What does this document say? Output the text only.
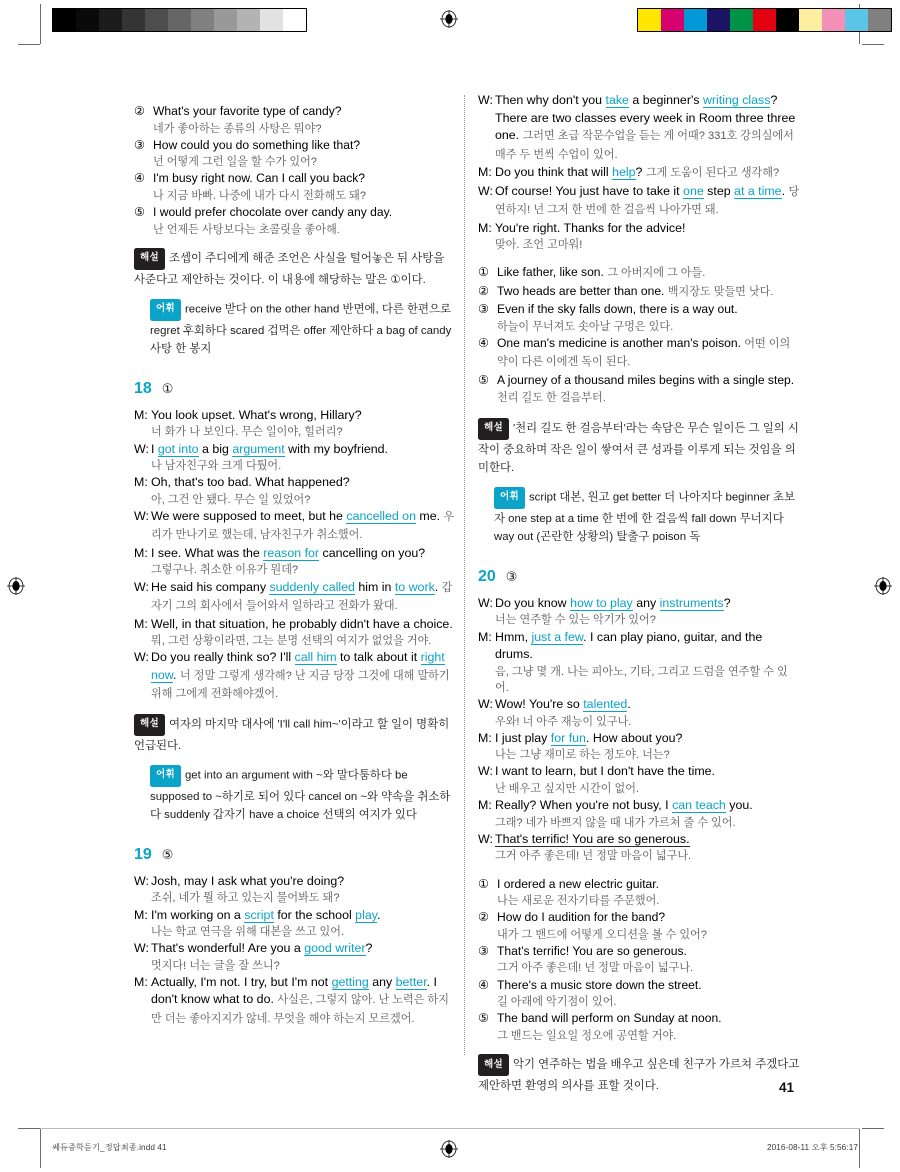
② What's your favorite type of candy?
네가 좋아하는 종류의 사탕은 뭐야?
③ How could you do something like that?
넌 어떻게 그런 일을 할 수가 있어?
④ I'm busy right now. Can I call you back?
나 지금 바빠. 나중에 내가 다시 전화해도 돼?
⑤ I would prefer chocolate over candy any day.
난 언제든 사탕보다는 초콜릿을 좋아해.
해설 조셉이 주디에게 해준 조언은 사실을 털어놓은 뒤 사탕을 사준다고 제안하는 것이다. 이 내용에 해당하는 말은 ①이다.
어휘 receive 받다 on the other hand 반면에, 다른 한편으로 regret 후회하다 scared 겁먹은 offer 제안하다 a bag of candy 사탕 한 봉지
18 ①
M: You look upset. What's wrong, Hillary?
너 화가 나 보인다. 무슨 일이야, 힐러리?
W: I got into a big argument with my boyfriend.
나 남자친구와 크게 다퉜어.
M: Oh, that's too bad. What happened?
아, 그건 안 됐다. 무슨 일 있었어?
W: We were supposed to meet, but he cancelled on me. 우리가 만나기로 했는데, 남자친구가 취소했어.
M: I see. What was the reason for cancelling on you?
그렇구나. 취소한 이유가 뭔데?
W: He said his company suddenly called him in to work. 갑자기 그의 회사에서 들어와서 일하라고 전화가 왔대.
M: Well, in that situation, he probably didn't have a choice.
뭐, 그런 상황이라면, 그는 분명 선택의 여지가 없었을 거야.
W: Do you really think so? I'll call him to talk about it right now. 너 정말 그렇게 생각해? 난 지금 당장 그것에 대해 말하기 위해 그에게 전화해야겠어.
해설 여자의 마지막 대사에 'I'll call him~'이라고 할 일이 명확히 언급된다.
어휘 get into an argument with ~와 말다툼하다 be supposed to ~하기로 되어 있다 cancel on ~와 약속을 취소하다 suddenly 갑자기 have a choice 선택의 여지가 있다
19 ⑤
W: Josh, may I ask what you're doing?
조쉬, 네가 뭘 하고 있는지 물어봐도 돼?
M: I'm working on a script for the school play.
나는 학교 연극을 위해 대본을 쓰고 있어.
W: That's wonderful! Are you a good writer?
멋지다! 너는 글을 잘 쓰니?
M: Actually, I'm not. I try, but I'm not getting any better. I don't know what to do. 사실은, 그렇지 않아. 난 노력은 하지만 더는 좋아지지가 않네. 무엇을 해야 하는지 모르겠어.
W: Then why don't you take a beginner's writing class? There are two classes every week in Room three three one. 그러면 초급 작문수업을 듣는 게 어때? 331호 강의실에서 매주 두 번씩 수업이 있어.
M: Do you think that will help? 그게 도움이 된다고 생각해?
W: Of course! You just have to take it one step at a time. 당연하지! 넌 그저 한 번에 한 걸음씩 나아가면 돼.
M: You're right. Thanks for the advice!
맞아. 조언 고마워!
① Like father, like son. 그 아버지에 그 아들.
② Two heads are better than one. 백지장도 맞들면 낫다.
③ Even if the sky falls down, there is a way out.
하늘이 무너져도 솟아날 구멍은 있다.
④ One man's medicine is another man's poison. 어떤 이의 약이 다른 이에겐 독이 된다.
⑤ A journey of a thousand miles begins with a single step. 천리 길도 한 걸음부터.
해설 '천리 길도 한 걸음부터'라는 속담은 무슨 일이든 그 일의 시작이 중요하며 작은 일이 쌓여서 큰 성과를 이루게 되는 것임을 의미한다.
어휘 script 대본, 원고 get better 더 나아지다 beginner 초보자 one step at a time 한 번에 한 걸음씩 fall down 무너지다 way out (곤란한 상황의) 탈출구 poison 독
20 ③
W: Do you know how to play any instruments?
너는 연주할 수 있는 악기가 있어?
M: Hmm, just a few. I can play piano, guitar, and the drums.
음, 그냥 몇 개. 나는 피아노, 기타, 그리고 드럼을 연주할 수 있어.
W: Wow! You're so talented.
우와! 너 아주 재능이 있구나.
M: I just play for fun. How about you?
나는 그냥 재미로 하는 정도야. 너는?
W: I want to learn, but I don't have the time.
난 배우고 싶지만 시간이 없어.
M: Really? When you're not busy, I can teach you.
그래? 네가 바쁘지 않을 때 내가 가르쳐 줄 수 있어.
W: That's terrific! You are so generous.
그거 아주 좋은데! 넌 정말 마음이 넓구나.
① I ordered a new electric guitar.
나는 새로운 전자기타를 주문했어.
② How do I audition for the band?
내가 그 밴드에 어떻게 오디션을 볼 수 있어?
③ That's terrific! You are so generous.
그거 아주 좋은데! 넌 정말 마음이 넓구나.
④ There's a music store down the street.
길 아래에 악기점이 있어.
⑤ The band will perform on Sunday at noon.
그 밴드는 일요일 정오에 공연할 거야.
해설 악기 연주하는 법을 배우고 싶은데 친구가 가르쳐 주겠다고 제안하면 환영의 의사를 표할 것이다.	41
쎄듀중학듣기_정답최종.indd 41	2016-08-11 오후 5:56:17
